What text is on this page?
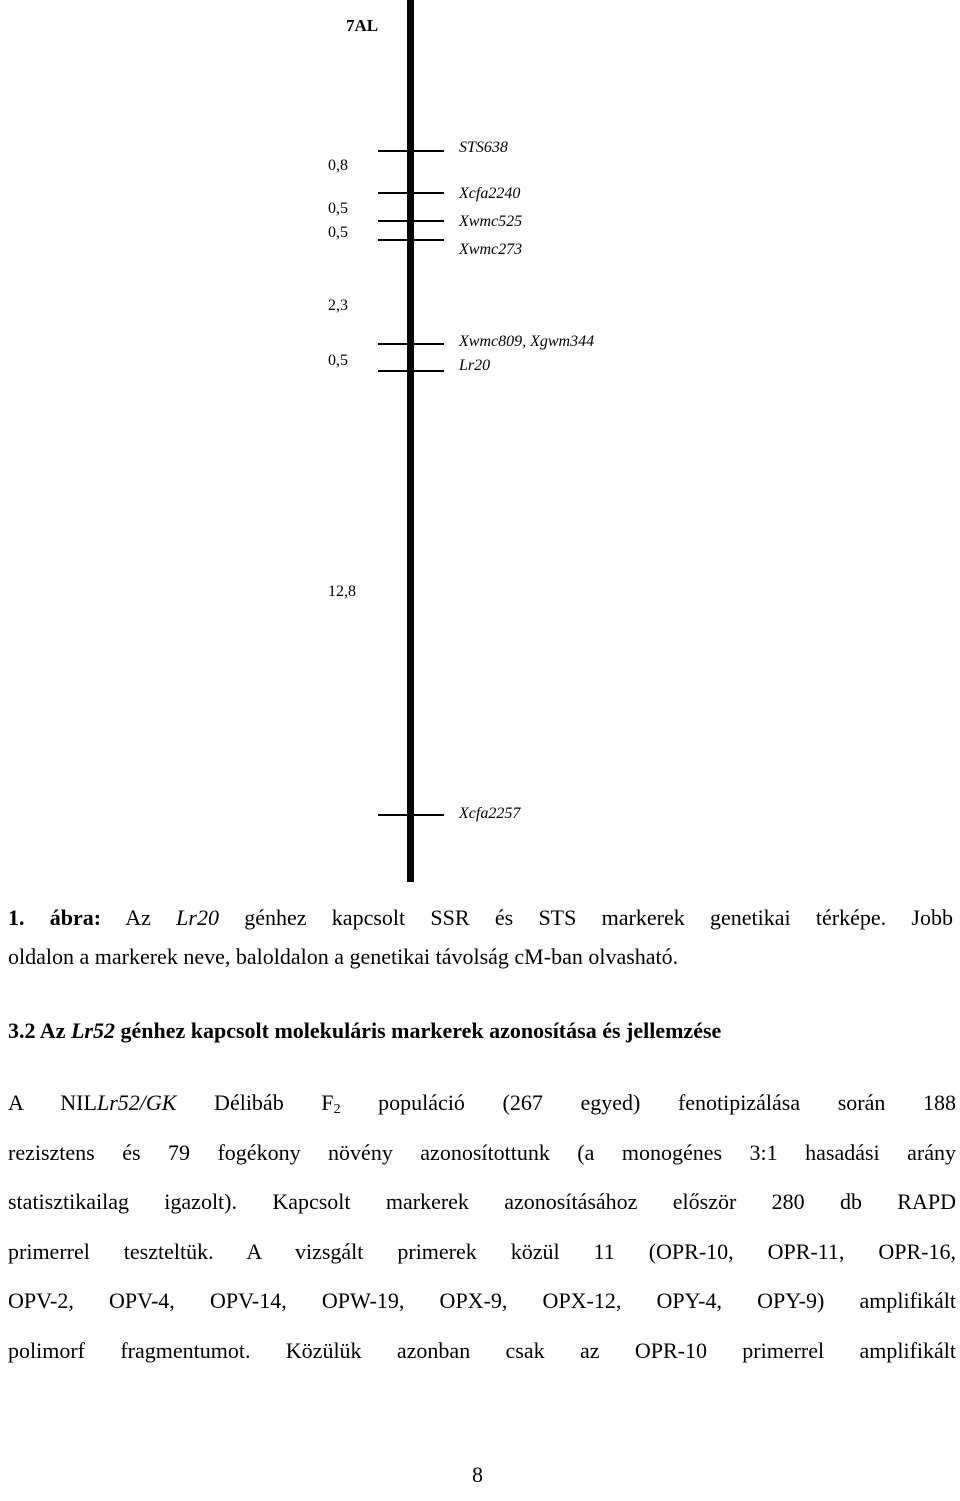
7AL
0,8
0,5
0,5
2,3
0,5
12,8
STS638
Xcfa2240
Xwmc525
Xwmc273
Xwmc809, Xgwm344
Lr20
Xcfa2257
1. ábra: Az Lr20 génhez kapcsolt SSR és STS markerek genetikai térképe. Jobb
oldalon a markerek neve, baloldalon a genetikai távolság cM-ban olvasható.
3.2 Az Lr52 génhez kapcsolt molekuláris markerek azonosítása és jellemzése
A NILLr52/GK Délibáb $F_2$ populáció (267 egyed) fenotipizálása során 188
rezisztens és 79 fogékony növény azonosítottunk (a monogénes 3:1 hasadási arány
statisztikailag igazolt). Kapcsolt markerek azonosításához először 280 db RAPD
primerrel teszteltük. A vizsgált primerek közül 11 (OPR-10, OPR-11, OPR-16,
OPV-2, OPV-4, OPV-14, OPW-19, OPX-9, OPX-12, OPY-4, OPY-9) amplifikált
polimorf fragmentumot. Közülük azonban csak az OPR-10 primerrel amplifikált
8
